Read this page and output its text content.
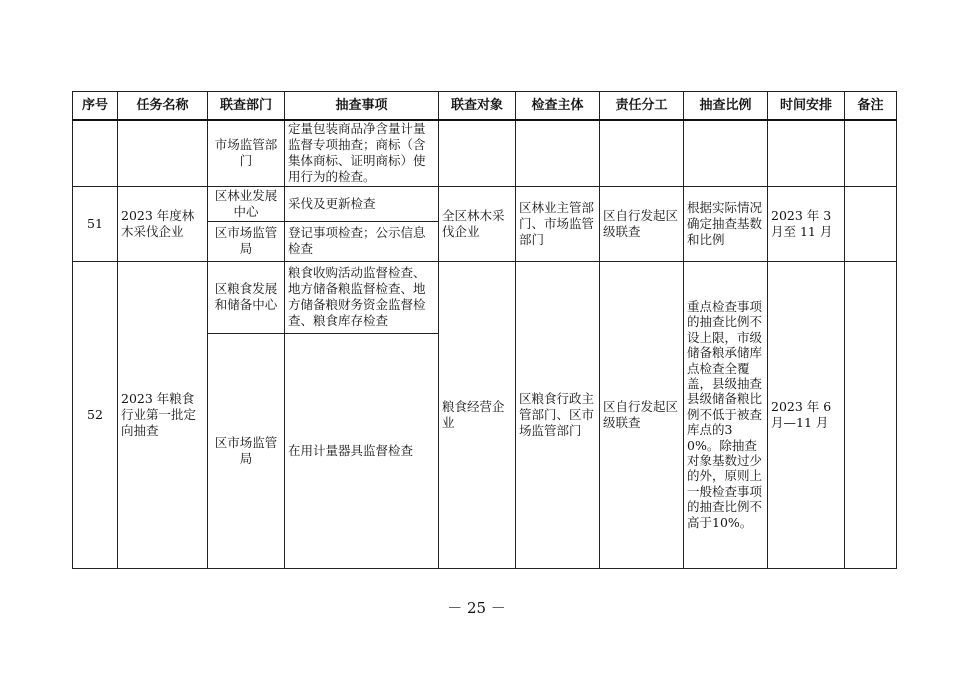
序号	任务名称	联查部门	抽查事项	联查对象	检查主体	责任分工	抽查比例	时间安排	备注
		市场监管部门	定量包装商品净含量计量监督专项抽查；商标（含集体商标、证明商标）使用行为的检查。						
51	2023 年度林木采伐企业	区林业发展中心	采伐及更新检查	全区林木采伐企业	区林业主管部门、市场监管部门	区自行发起区级联查	根据实际情况确定抽查基数和比例	2023 年 3 月至 11 月	
		区市场监管局	登记事项检查；公示信息检查						
52	2023 年粮食行业第一批定向抽查	区粮食发展和储备中心	粮食收购活动监督检查、地方储备粮监督检查、地方储备粮财务资金监督检查、粮食库存检查	粮食经营企业	区粮食行政主管部门、区市场监管部门	区自行发起区级联查	重点检查事项的抽查比例不设上限，市级储备粮承储库点检查全覆盖，县级抽查县级储备粮比例不低于被查库点的30%。除抽查对象基数过少的外，原则上一般检查事项的抽查比例不高于10%。	2023 年 6 月—11 月	
		区市场监管局	在用计量器具监督检查						
－ 25 －
